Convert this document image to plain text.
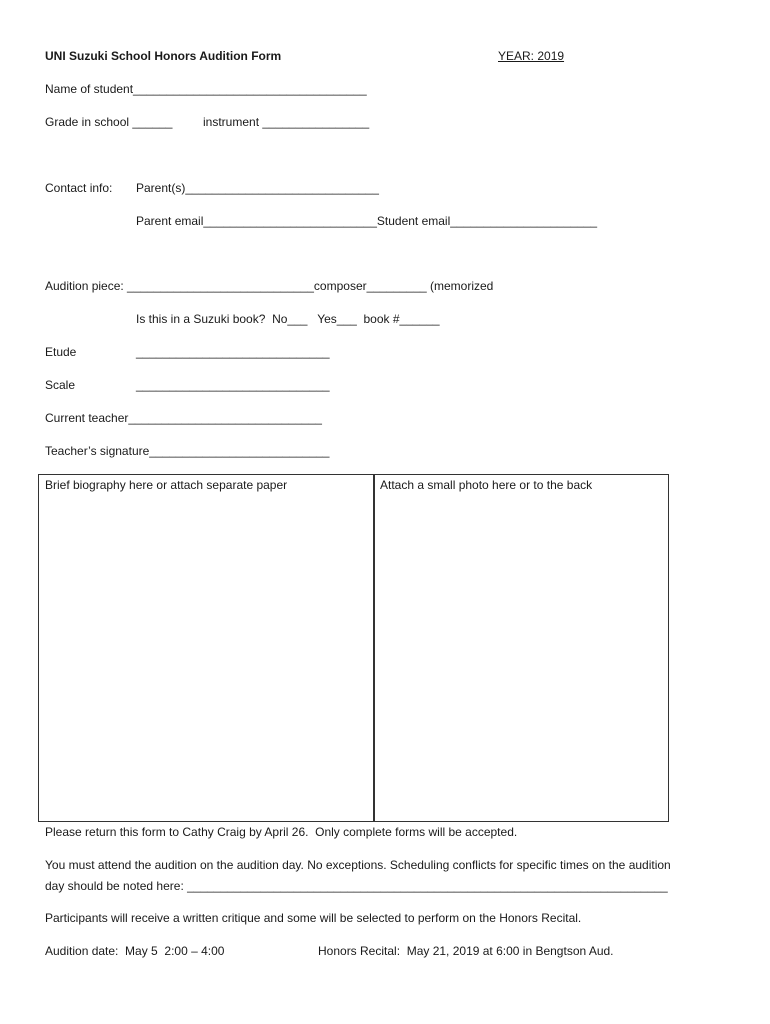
UNI Suzuki School Honors Audition Form	YEAR: 2019
Name of student___________________________________
Grade in school ______	instrument ________________
Contact info: Parent(s)_____________________________
Parent email__________________________Student email______________________
Audition piece: ____________________________composer_________ (memorized
Is this in a Suzuki book?  No___   Yes___  book #______
Etude	_____________________________
Scale	_____________________________
Current teacher_____________________________
Teacher’s signature___________________________
Brief biography here or attach separate paper	Attach a small photo here or to the back
Please return this form to Cathy Craig by April 26.  Only complete forms will be accepted.
You must attend the audition on the audition day. No exceptions. Scheduling conflicts for specific times on the audition
day should be noted here: ________________________________________________________________________
Participants will receive a written critique and some will be selected to perform on the Honors Recital.
Audition date:  May 5  2:00 – 4:00	Honors Recital:  May 21, 2019 at 6:00 in Bengtson Aud.
